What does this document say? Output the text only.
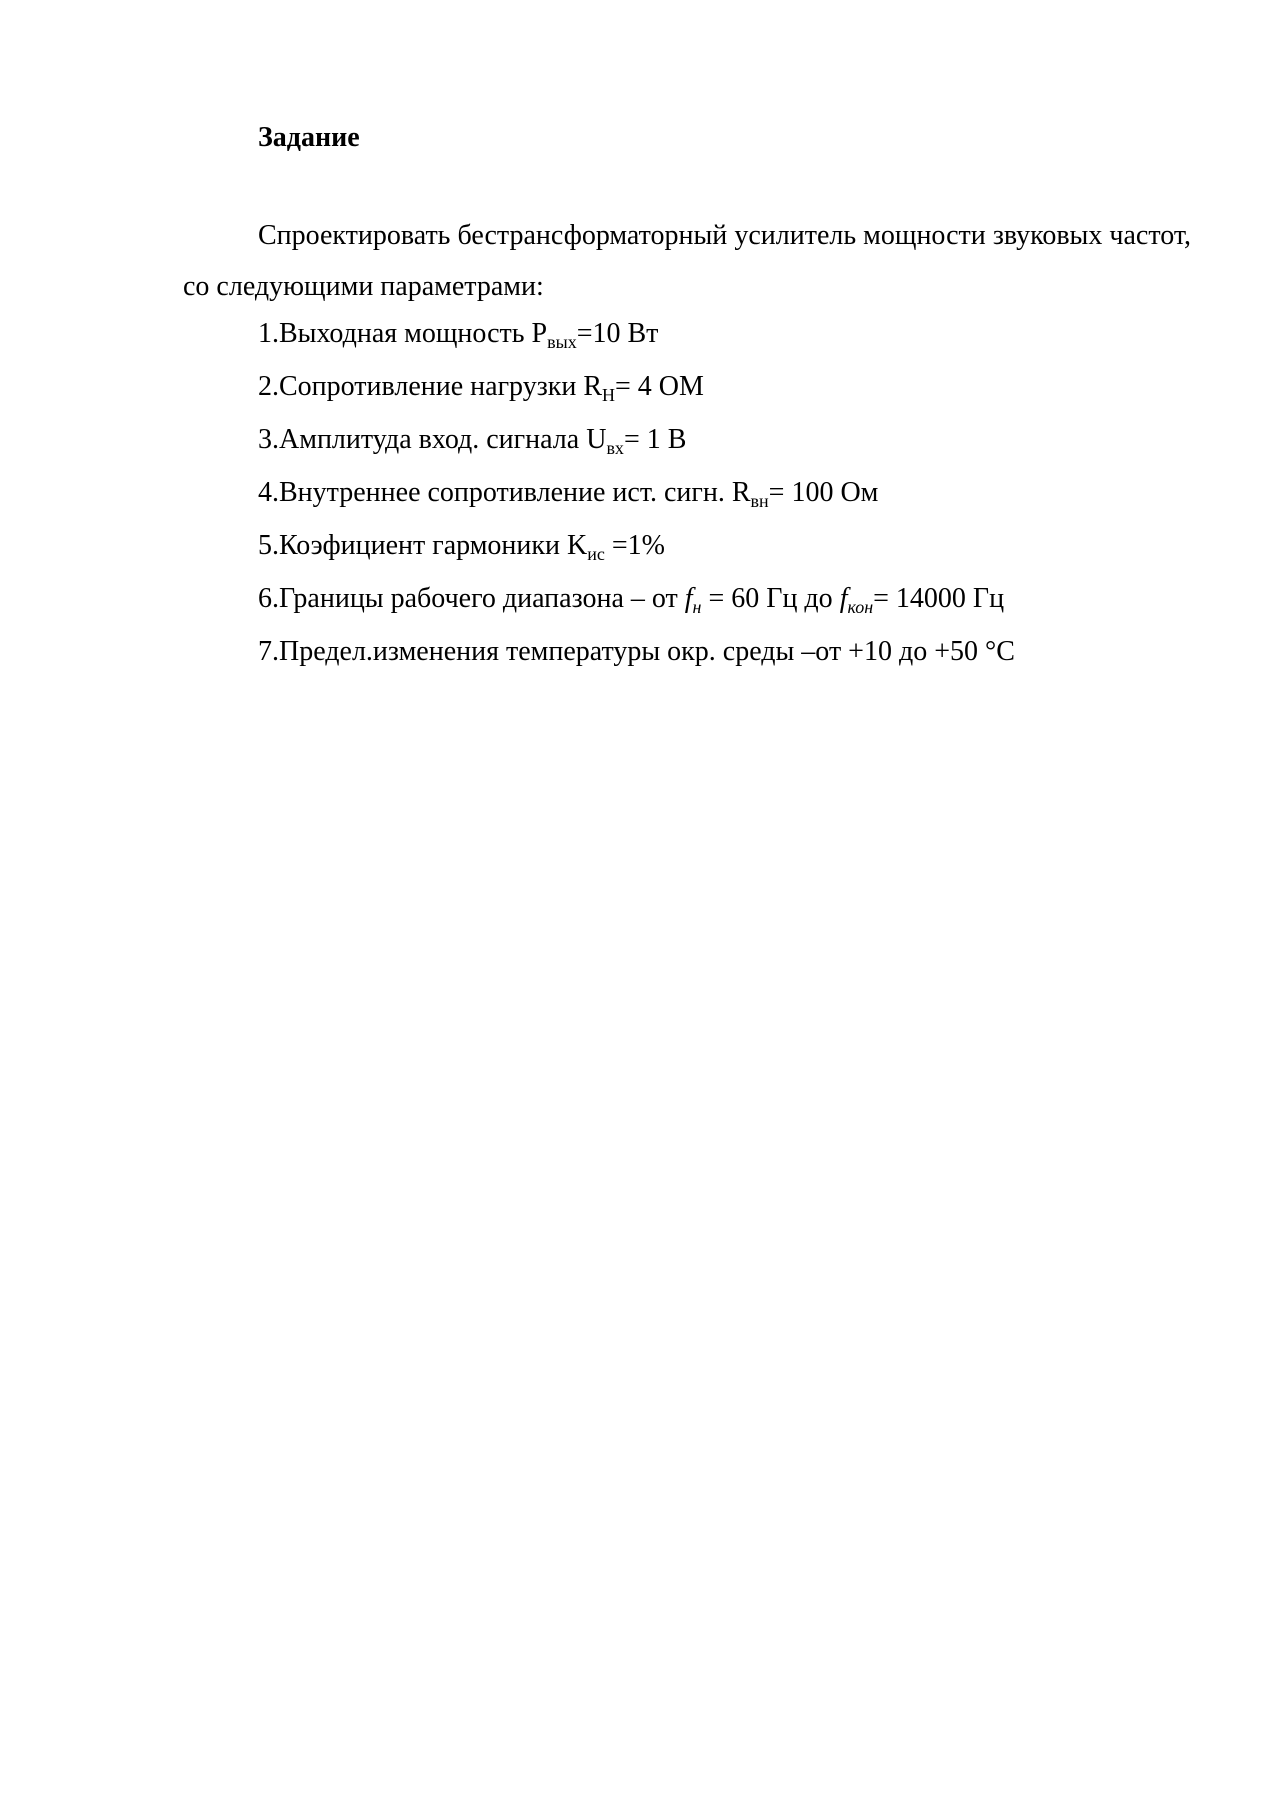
Задание

Спроектировать бестрансформаторный усилитель мощности звуковых частот, со следующими параметрами:

1.Выходная мощность $P_{вых}=10$ Вт
2.Сопротивление нагрузки $R_H= 4$ OM
3.Амплитуда вход. сигнала $U_{вх}= 1$ В
4.Внутреннее сопротивление ист. сигн. $R_{вн}= 100$ Ом
5.Коэфициент гармоники $K_{ис} =1\%$
6.Границы рабочего диапазона – от $f_н = 60$ Гц до $f_{кон}= 14000$ Гц
7.Предел.изменения температуры окр. среды –от +10 до +50 °С
